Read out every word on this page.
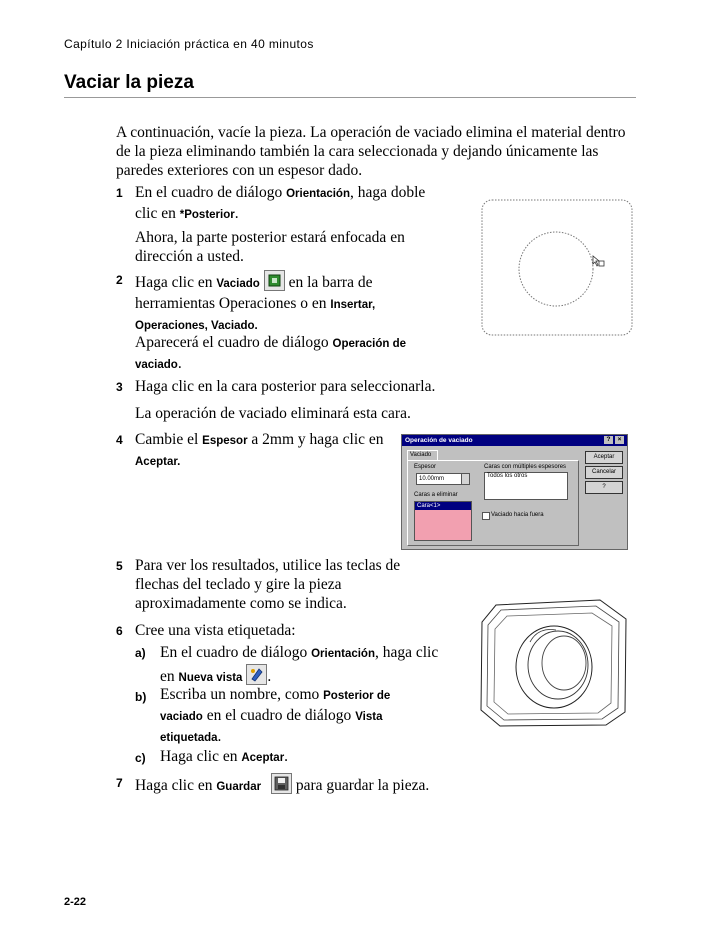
Capítulo 2 Iniciación práctica en 40 minutos
Vaciar la pieza
A continuación, vacíe la pieza. La operación de vaciado elimina el material dentro de la pieza eliminando también la cara seleccionada y dejando únicamente las paredes exteriores con un espesor dado.
1 En el cuadro de diálogo Orientación, haga doble clic en *Posterior.
Ahora, la parte posterior estará enfocada en dirección a usted.
2 Haga clic en Vaciado
en la barra de herramientas Operaciones o en Insertar, Operaciones, Vaciado.
Aparecerá el cuadro de diálogo Operación de vaciado.
3 Haga clic en la cara posterior para seleccionarla.
La operación de vaciado eliminará esta cara.
4 Cambie el Espesor a 2mm y haga clic en Aceptar.
Operación de vaciado	?	×
Vaciado
Espesor
10.00mm
Caras con múltiples espesores
Todos los otros
Caras a eliminar
Cara<1>
Vaciado hacia fuera
Aceptar
Cancelar
?
5 Para ver los resultados, utilice las teclas de flechas del teclado y gire la pieza aproximadamente como se indica.
6 Cree una vista etiquetada:
a) En el cuadro de diálogo Orientación, haga clic en Nueva vista .
b) Escriba un nombre, como Posterior de vaciado en el cuadro de diálogo Vista etiquetada.
c) Haga clic en Aceptar.
7 Haga clic en Guardar
para guardar la pieza.
2-22
